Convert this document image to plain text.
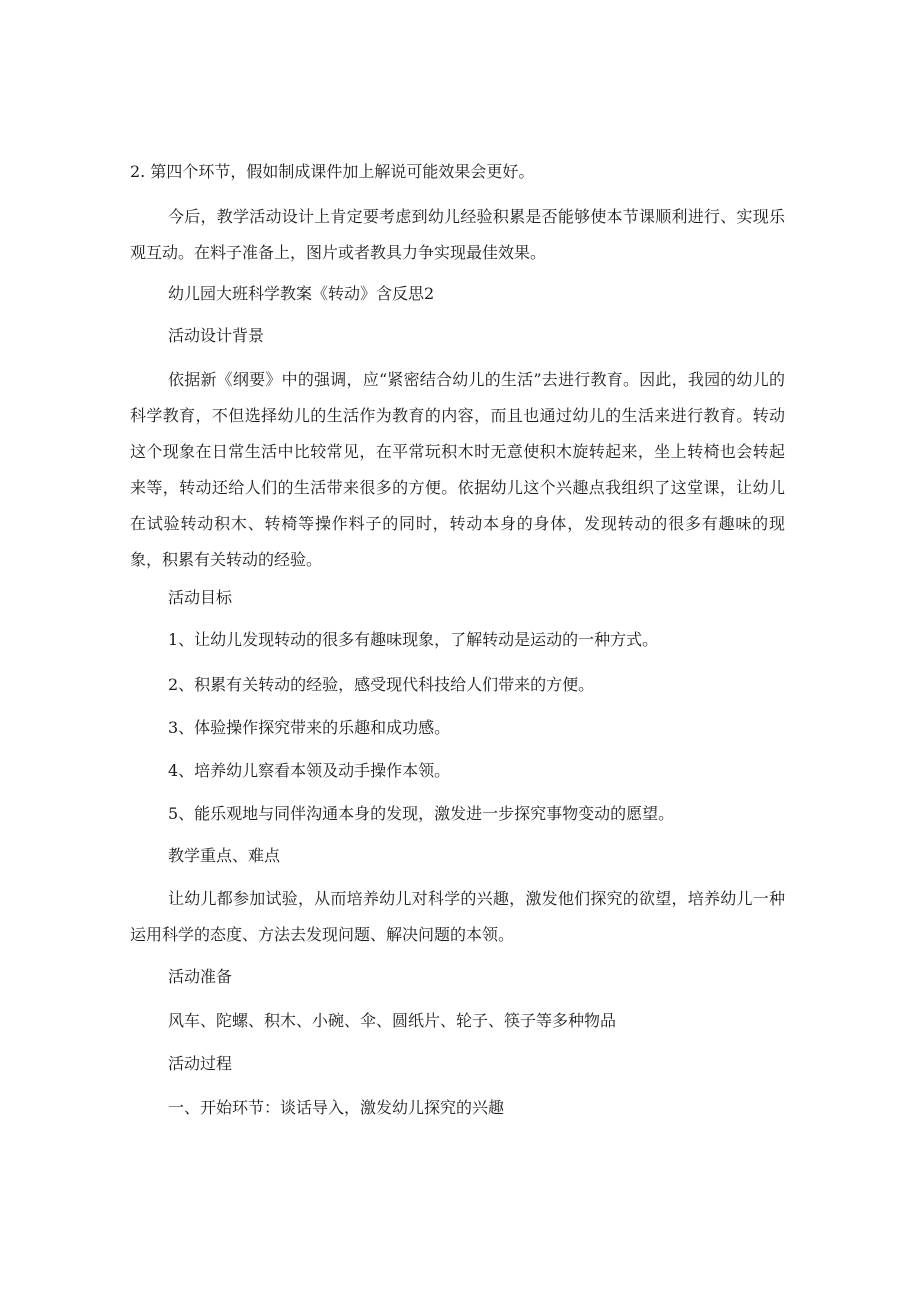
2. 第四个环节，假如制成课件加上解说可能效果会更好。
今后，教学活动设计上肯定要考虑到幼儿经验积累是否能够使本节课顺利进行、实现乐观互动。在料子准备上，图片或者教具力争实现最佳效果。
幼儿园大班科学教案《转动》含反思2
活动设计背景
依据新《纲要》中的强调，应“紧密结合幼儿的生活”去进行教育。因此，我园的幼儿的科学教育，不但选择幼儿的生活作为教育的内容，而且也通过幼儿的生活来进行教育。转动这个现象在日常生活中比较常见，在平常玩积木时无意使积木旋转起来，坐上转椅也会转起来等，转动还给人们的生活带来很多的方便。依据幼儿这个兴趣点我组织了这堂课，让幼儿在试验转动积木、转椅等操作料子的同时，转动本身的身体，发现转动的很多有趣味的现象，积累有关转动的经验。
活动目标
1、让幼儿发现转动的很多有趣味现象，了解转动是运动的一种方式。
2、积累有关转动的经验，感受现代科技给人们带来的方便。
3、体验操作探究带来的乐趣和成功感。
4、培养幼儿察看本领及动手操作本领。
5、能乐观地与同伴沟通本身的发现，激发进一步探究事物变动的愿望。
教学重点、难点
让幼儿都参加试验，从而培养幼儿对科学的兴趣，激发他们探究的欲望，培养幼儿一种运用科学的态度、方法去发现问题、解决问题的本领。
活动准备
风车、陀螺、积木、小碗、伞、圆纸片、轮子、筷子等多种物品
活动过程
一、开始环节：谈话导入，激发幼儿探究的兴趣
